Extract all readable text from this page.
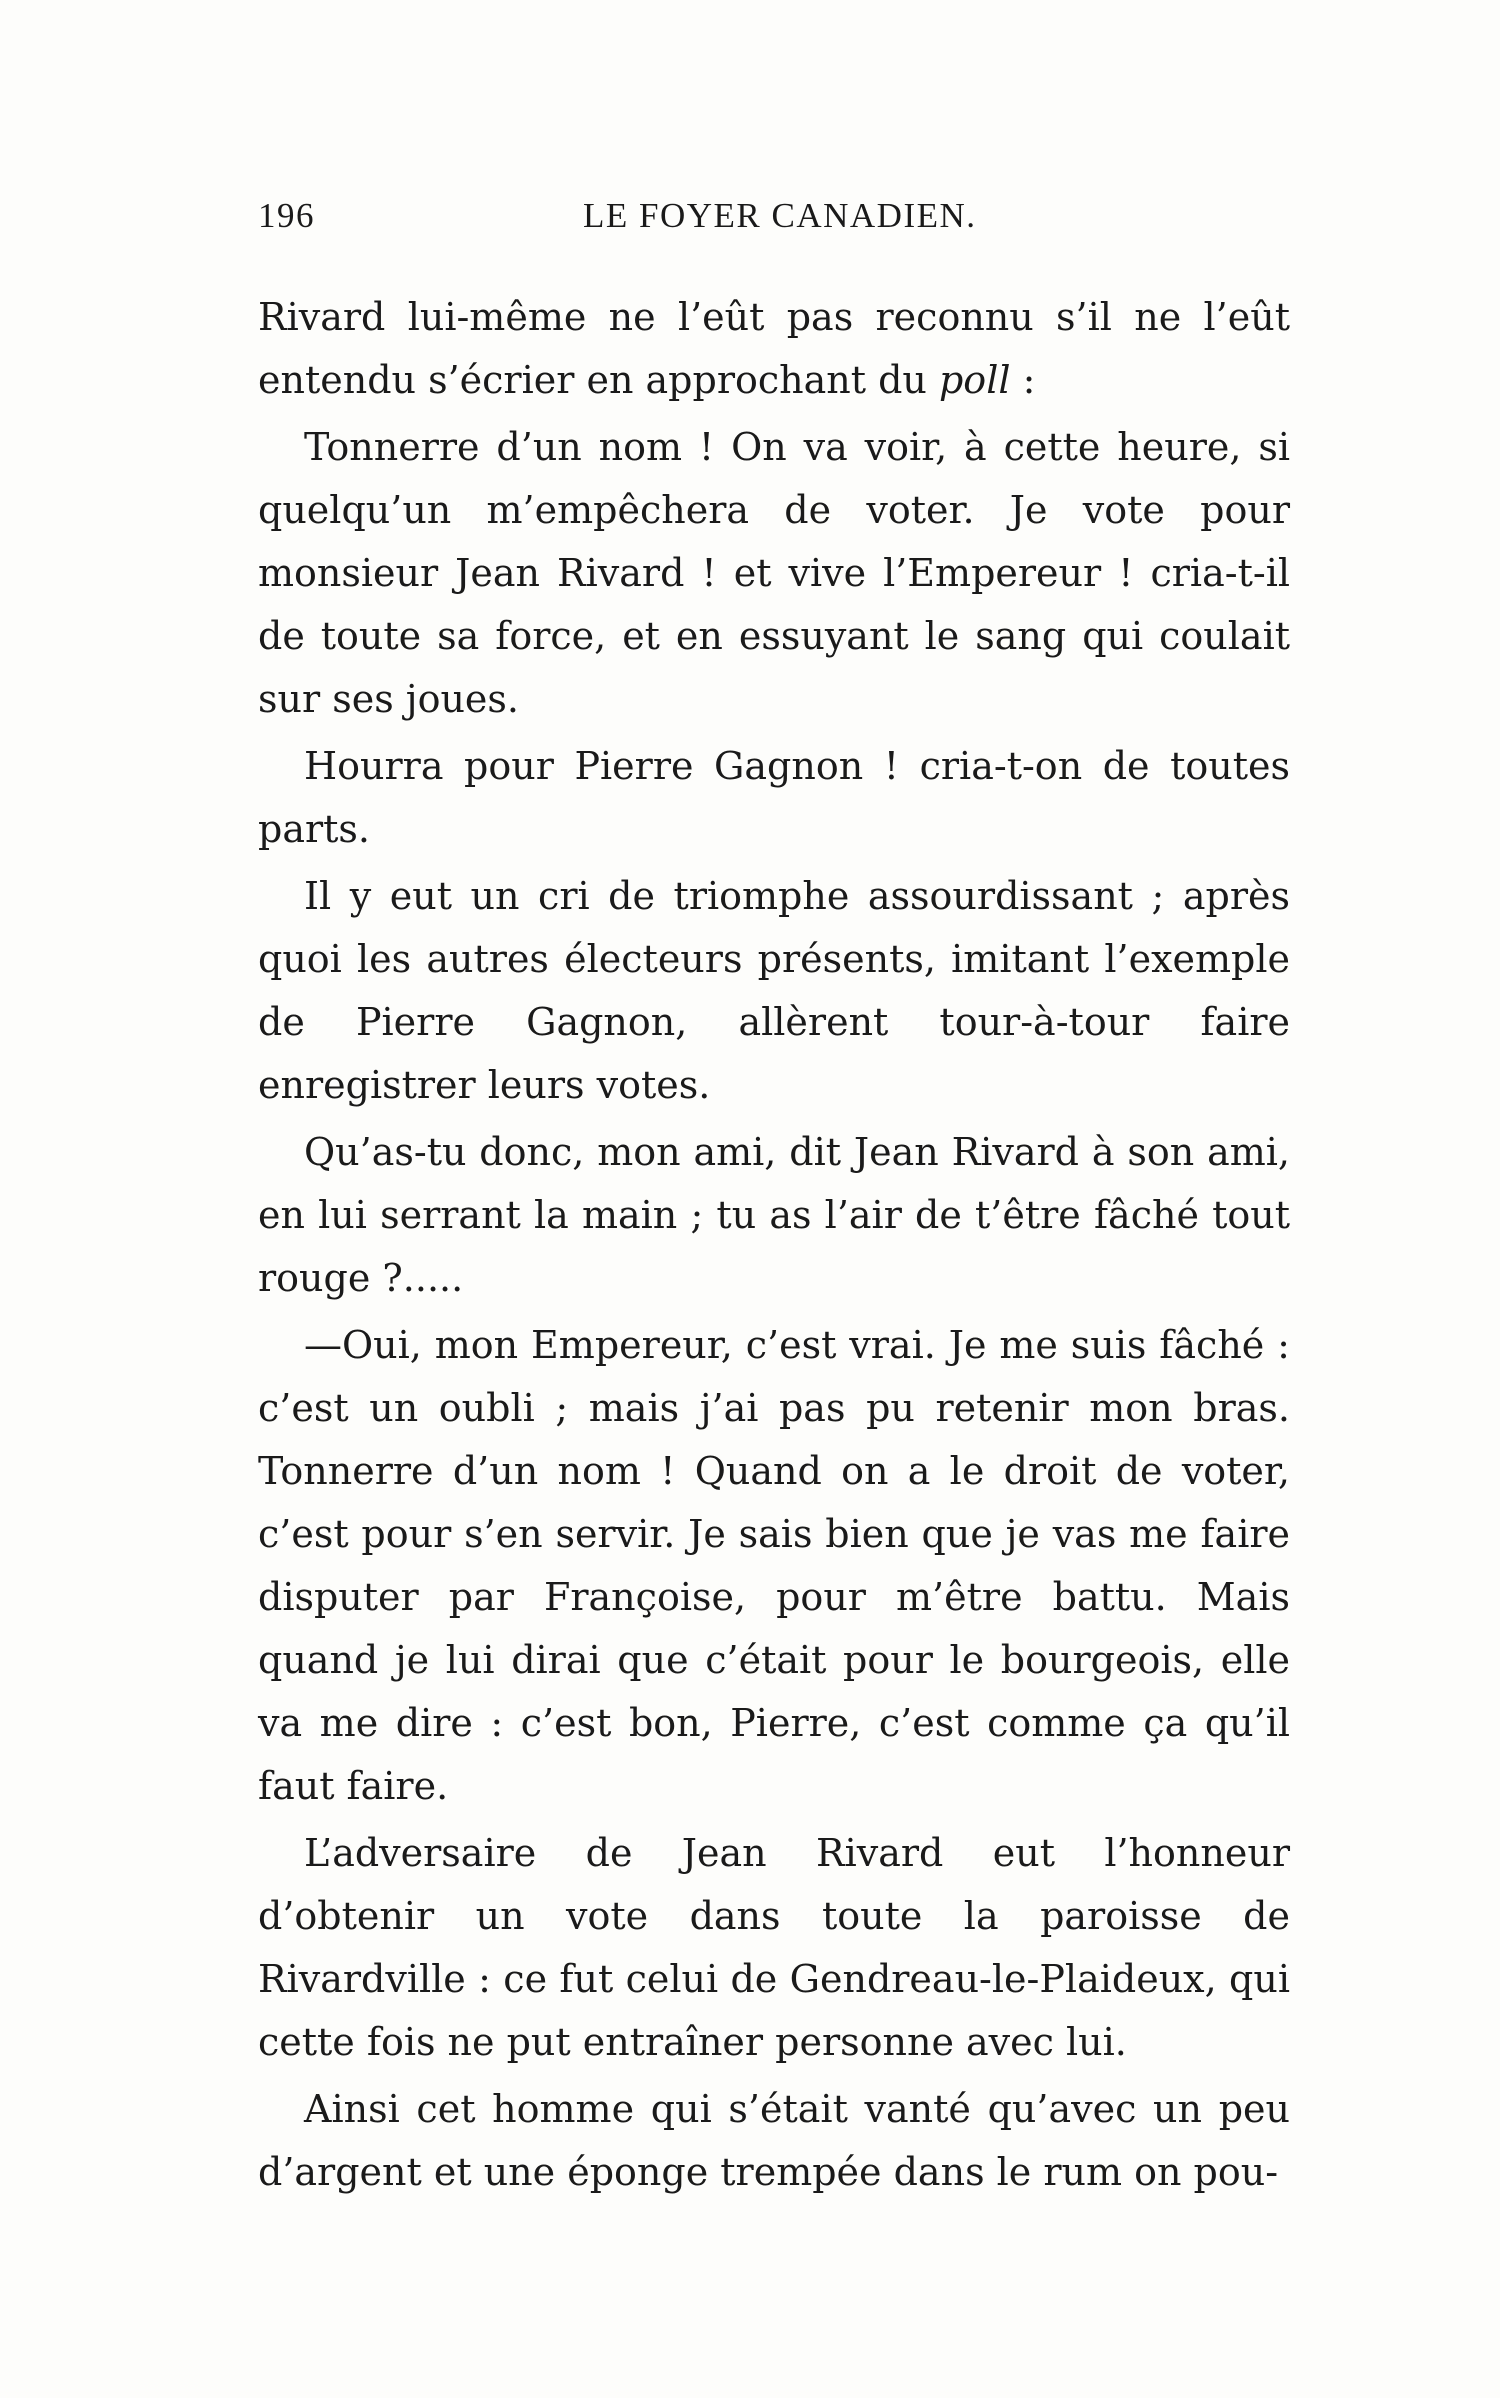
196	LE FOYER CANADIEN.

Rivard lui-même ne l’eût pas reconnu s’il ne l’eût entendu s’écrier en approchant du poll :

Tonnerre d’un nom ! On va voir, à cette heure, si quelqu’un m’empêchera de voter. Je vote pour monsieur Jean Rivard ! et vive l’Empereur ! cria-t-il de toute sa force, et en essuyant le sang qui coulait sur ses joues.

Hourra pour Pierre Gagnon ! cria-t-on de toutes parts.

Il y eut un cri de triomphe assourdissant ; après quoi les autres électeurs présents, imitant l’exemple de Pierre Gagnon, allèrent tour-à-tour faire enregistrer leurs votes.

Qu’as-tu donc, mon ami, dit Jean Rivard à son ami, en lui serrant la main ; tu as l’air de t’être fâché tout rouge ?.....

—Oui, mon Empereur, c’est vrai. Je me suis fâché : c’est un oubli ; mais j’ai pas pu retenir mon bras. Tonnerre d’un nom ! Quand on a le droit de voter, c’est pour s’en servir. Je sais bien que je vas me faire disputer par Françoise, pour m’être battu. Mais quand je lui dirai que c’était pour le bourgeois, elle va me dire : c’est bon, Pierre, c’est comme ça qu’il faut faire.

L’adversaire de Jean Rivard eut l’honneur d’obtenir un vote dans toute la paroisse de Rivardville : ce fut celui de Gendreau-le-Plaideux, qui cette fois ne put entraîner personne avec lui.

Ainsi cet homme qui s’était vanté qu’avec un peu d’argent et une éponge trempée dans le rum on pou-
